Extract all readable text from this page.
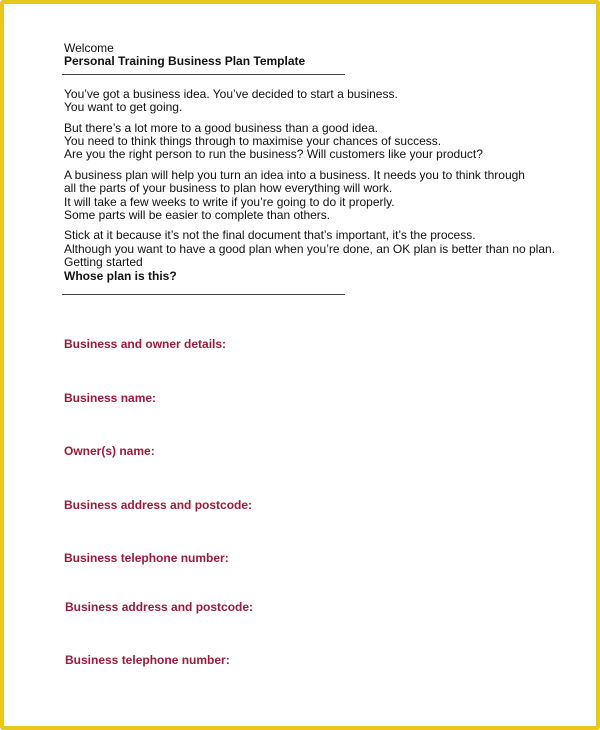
Welcome
Personal Training Business Plan Template
You’ve got a business idea. You’ve decided to start a business.
You want to get going.
But there’s a lot more to a good business than a good idea.
You need to think things through to maximise your chances of success.
Are you the right person to run the business? Will customers like your product?
A business plan will help you turn an idea into a business. It needs you to think through
all the parts of your business to plan how everything will work.
It will take a few weeks to write if you’re going to do it properly.
Some parts will be easier to complete than others.
Stick at it because it’s not the final document that’s important, it’s the process.
Although you want to have a good plan when you’re done, an OK plan is better than no plan.
Getting started
Whose plan is this?
Business and owner details:
Business name:
Owner(s) name:
Business address and postcode:
Business telephone number:
Business address and postcode:
Business telephone number:
